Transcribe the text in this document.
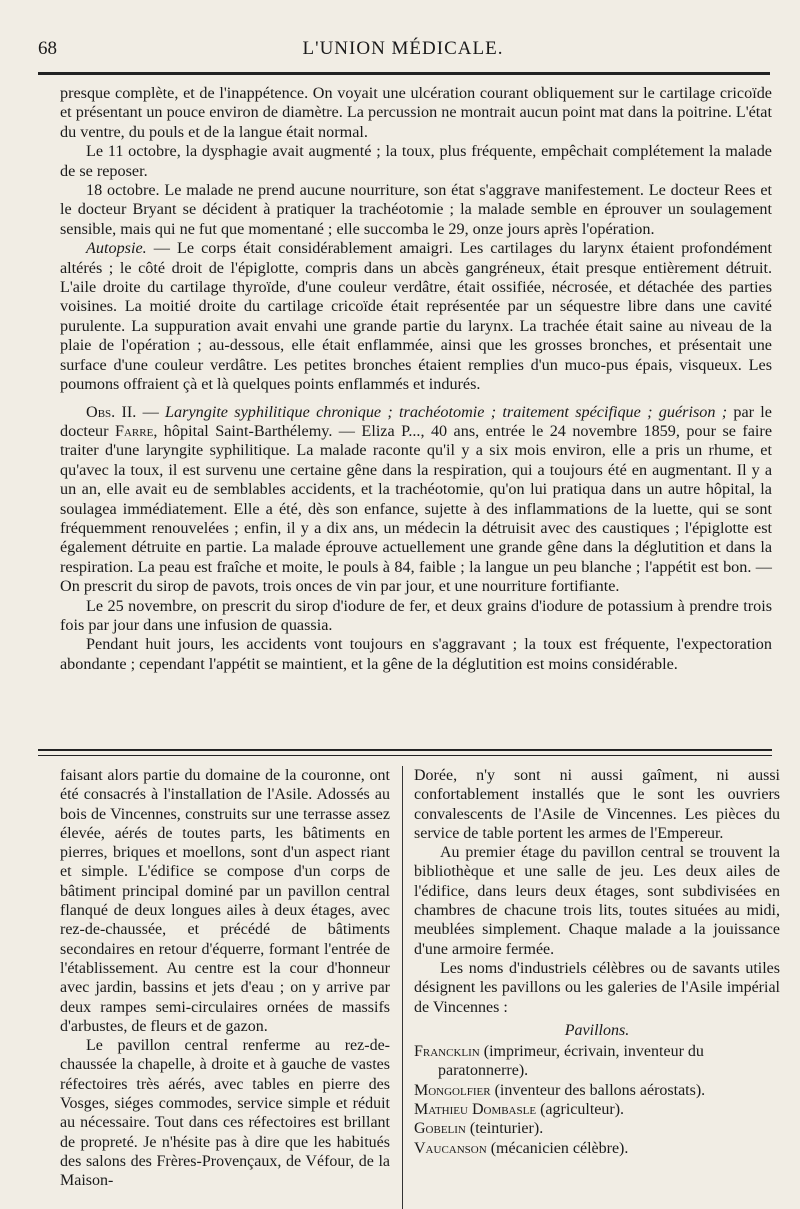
68	L'UNION MÉDICALE.

presque complète, et de l'inappétence. On voyait une ulcération courant obliquement sur le cartilage cricoïde et présentant un pouce environ de diamètre. La percussion ne montrait aucun point mat dans la poitrine. L'état du ventre, du pouls et de la langue était normal.

Le 11 octobre, la dysphagie avait augmenté ; la toux, plus fréquente, empêchait complétement la malade de se reposer.

18 octobre. Le malade ne prend aucune nourriture, son état s'aggrave manifestement. Le docteur Rees et le docteur Bryant se décident à pratiquer la trachéotomie ; la malade semble en éprouver un soulagement sensible, mais qui ne fut que momentané ; elle succomba le 29, onze jours après l'opération.

Autopsie. — Le corps était considérablement amaigri. Les cartilages du larynx étaient profondément altérés ; le côté droit de l'épiglotte, compris dans un abcès gangréneux, était presque entièrement détruit. L'aile droite du cartilage thyroïde, d'une couleur verdâtre, était ossifiée, nécrosée, et détachée des parties voisines. La moitié droite du cartilage cricoïde était représentée par un séquestre libre dans une cavité purulente. La suppuration avait envahi une grande partie du larynx. La trachée était saine au niveau de la plaie de l'opération ; au-dessous, elle était enflammée, ainsi que les grosses bronches, et présentait une surface d'une couleur verdâtre. Les petites bronches étaient remplies d'un muco-pus épais, visqueux. Les poumons offraient çà et là quelques points enflammés et indurés.

Obs. II. — Laryngite syphilitique chronique ; trachéotomie ; traitement spécifique ; guérison ; par le docteur Farre, hôpital Saint-Barthélemy. — Eliza P..., 40 ans, entrée le 24 novembre 1859, pour se faire traiter d'une laryngite syphilitique. La malade raconte qu'il y a six mois environ, elle a pris un rhume, et qu'avec la toux, il est survenu une certaine gêne dans la respiration, qui a toujours été en augmentant. Il y a un an, elle avait eu de semblables accidents, et la trachéotomie, qu'on lui pratiqua dans un autre hôpital, la soulagea immédiatement. Elle a été, dès son enfance, sujette à des inflammations de la luette, qui se sont fréquemment renouvelées ; enfin, il y a dix ans, un médecin la détruisit avec des caustiques ; l'épiglotte est également détruite en partie. La malade éprouve actuellement une grande gêne dans la déglutition et dans la respiration. La peau est fraîche et moite, le pouls à 84, faible ; la langue un peu blanche ; l'appétit est bon. — On prescrit du sirop de pavots, trois onces de vin par jour, et une nourriture fortifiante.

Le 25 novembre, on prescrit du sirop d'iodure de fer, et deux grains d'iodure de potassium à prendre trois fois par jour dans une infusion de quassia.

Pendant huit jours, les accidents vont toujours en s'aggravant ; la toux est fréquente, l'expectoration abondante ; cependant l'appétit se maintient, et la gêne de la déglutition est moins considérable.

faisant alors partie du domaine de la couronne, ont été consacrés à l'installation de l'Asile. Adossés au bois de Vincennes, construits sur une terrasse assez élevée, aérés de toutes parts, les bâtiments en pierres, briques et moellons, sont d'un aspect riant et simple. L'édifice se compose d'un corps de bâtiment principal dominé par un pavillon central flanqué de deux longues ailes à deux étages, avec rez-de-chaussée, et précédé de bâtiments secondaires en retour d'équerre, formant l'entrée de l'établissement. Au centre est la cour d'honneur avec jardin, bassins et jets d'eau ; on y arrive par deux rampes semi-circulaires ornées de massifs d'arbustes, de fleurs et de gazon.

Le pavillon central renferme au rez-de-chaussée la chapelle, à droite et à gauche de vastes réfectoires très aérés, avec tables en pierre des Vosges, siéges commodes, service simple et réduit au nécessaire. Tout dans ces réfectoires est brillant de propreté. Je n'hésite pas à dire que les habitués des salons des Frères-Provençaux, de Véfour, de la Maison-

Dorée, n'y sont ni aussi gaîment, ni aussi confortablement installés que le sont les ouvriers convalescents de l'Asile de Vincennes. Les pièces du service de table portent les armes de l'Empereur.

Au premier étage du pavillon central se trouvent la bibliothèque et une salle de jeu. Les deux ailes de l'édifice, dans leurs deux étages, sont subdivisées en chambres de chacune trois lits, toutes situées au midi, meublées simplement. Chaque malade a la jouissance d'une armoire fermée.

Les noms d'industriels célèbres ou de savants utiles désignent les pavillons ou les galeries de l'Asile impérial de Vincennes :

Pavillons.

Francklin (imprimeur, écrivain, inventeur du paratonnerre).

Mongolfier (inventeur des ballons aérostats).

Mathieu Dombasle (agriculteur).

Gobelin (teinturier).

Vaucanson (mécanicien célèbre).
